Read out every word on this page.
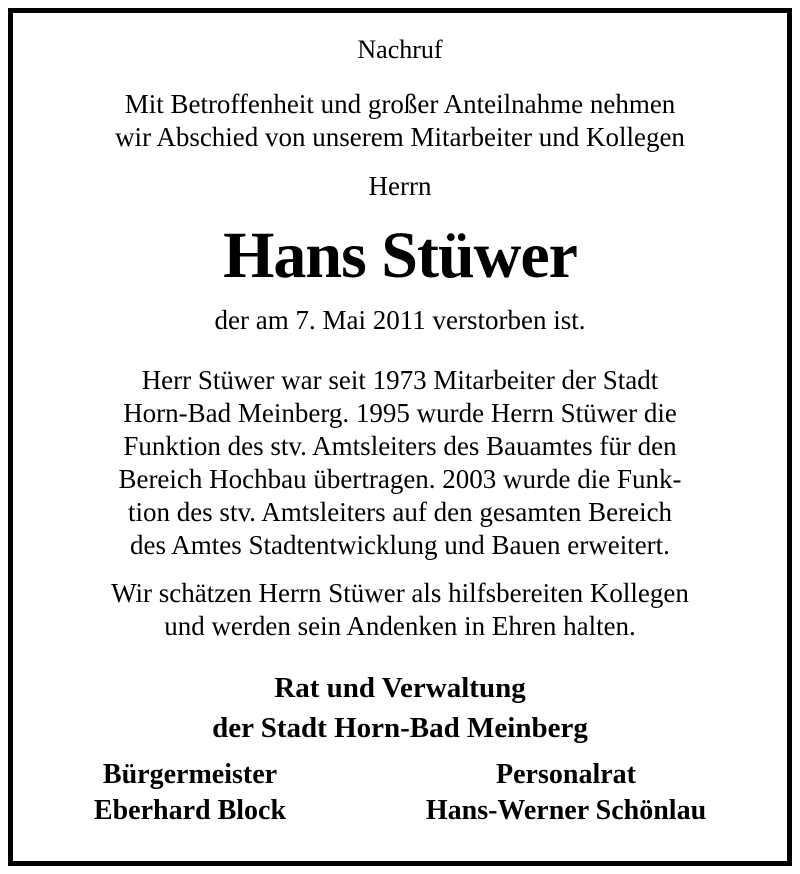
Nachruf
Mit Betroffenheit und großer Anteilnahme nehmen
wir Abschied von unserem Mitarbeiter und Kollegen
Herrn
Hans Stüwer
der am 7. Mai 2011 verstorben ist.
Herr Stüwer war seit 1973 Mitarbeiter der Stadt
Horn-Bad Meinberg. 1995 wurde Herrn Stüwer die
Funktion des stv. Amtsleiters des Bauamtes für den
Bereich Hochbau übertragen. 2003 wurde die Funk-
tion des stv. Amtsleiters auf den gesamten Bereich
des Amtes Stadtentwicklung und Bauen erweitert.
Wir schätzen Herrn Stüwer als hilfsbereiten Kollegen
und werden sein Andenken in Ehren halten.
Rat und Verwaltung
der Stadt Horn-Bad Meinberg
Bürgermeister
Eberhard Block
Personalrat
Hans-Werner Schönlau
